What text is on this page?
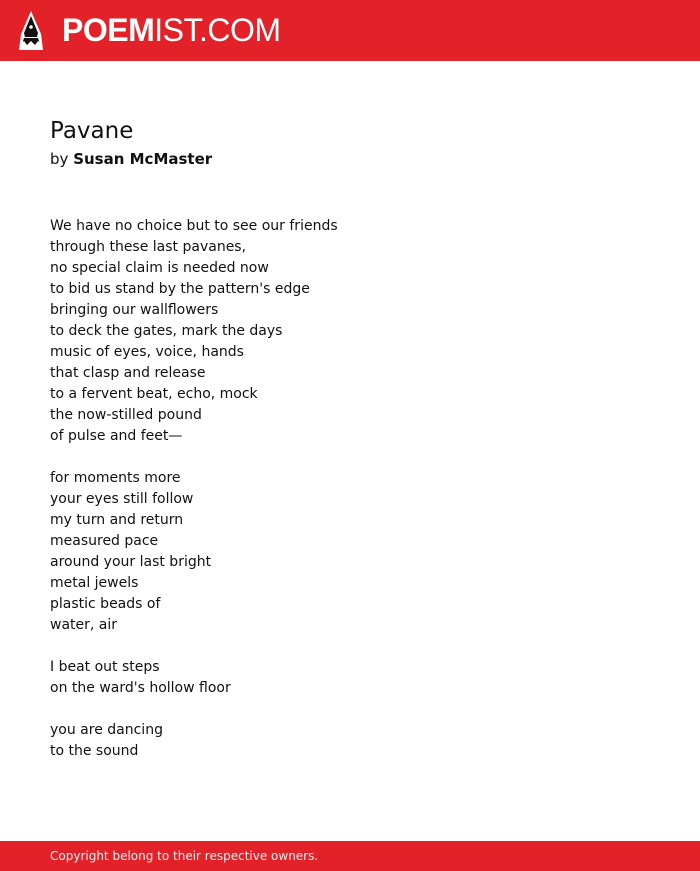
POEMIST.COM
Pavane
by Susan McMaster
We have no choice but to see our friends
through these last pavanes,
no special claim is needed now
to bid us stand by the pattern's edge
bringing our wallflowers
to deck the gates, mark the days
music of eyes, voice, hands
that clasp and release
to a fervent beat, echo, mock
the now-stilled pound
of pulse and feet—
for moments more
your eyes still follow
my turn and return
measured pace
around your last bright
metal jewels
plastic beads of
water, air
I beat out steps
on the ward's hollow floor
you are dancing
to the sound
Copyright belong to their respective owners.
